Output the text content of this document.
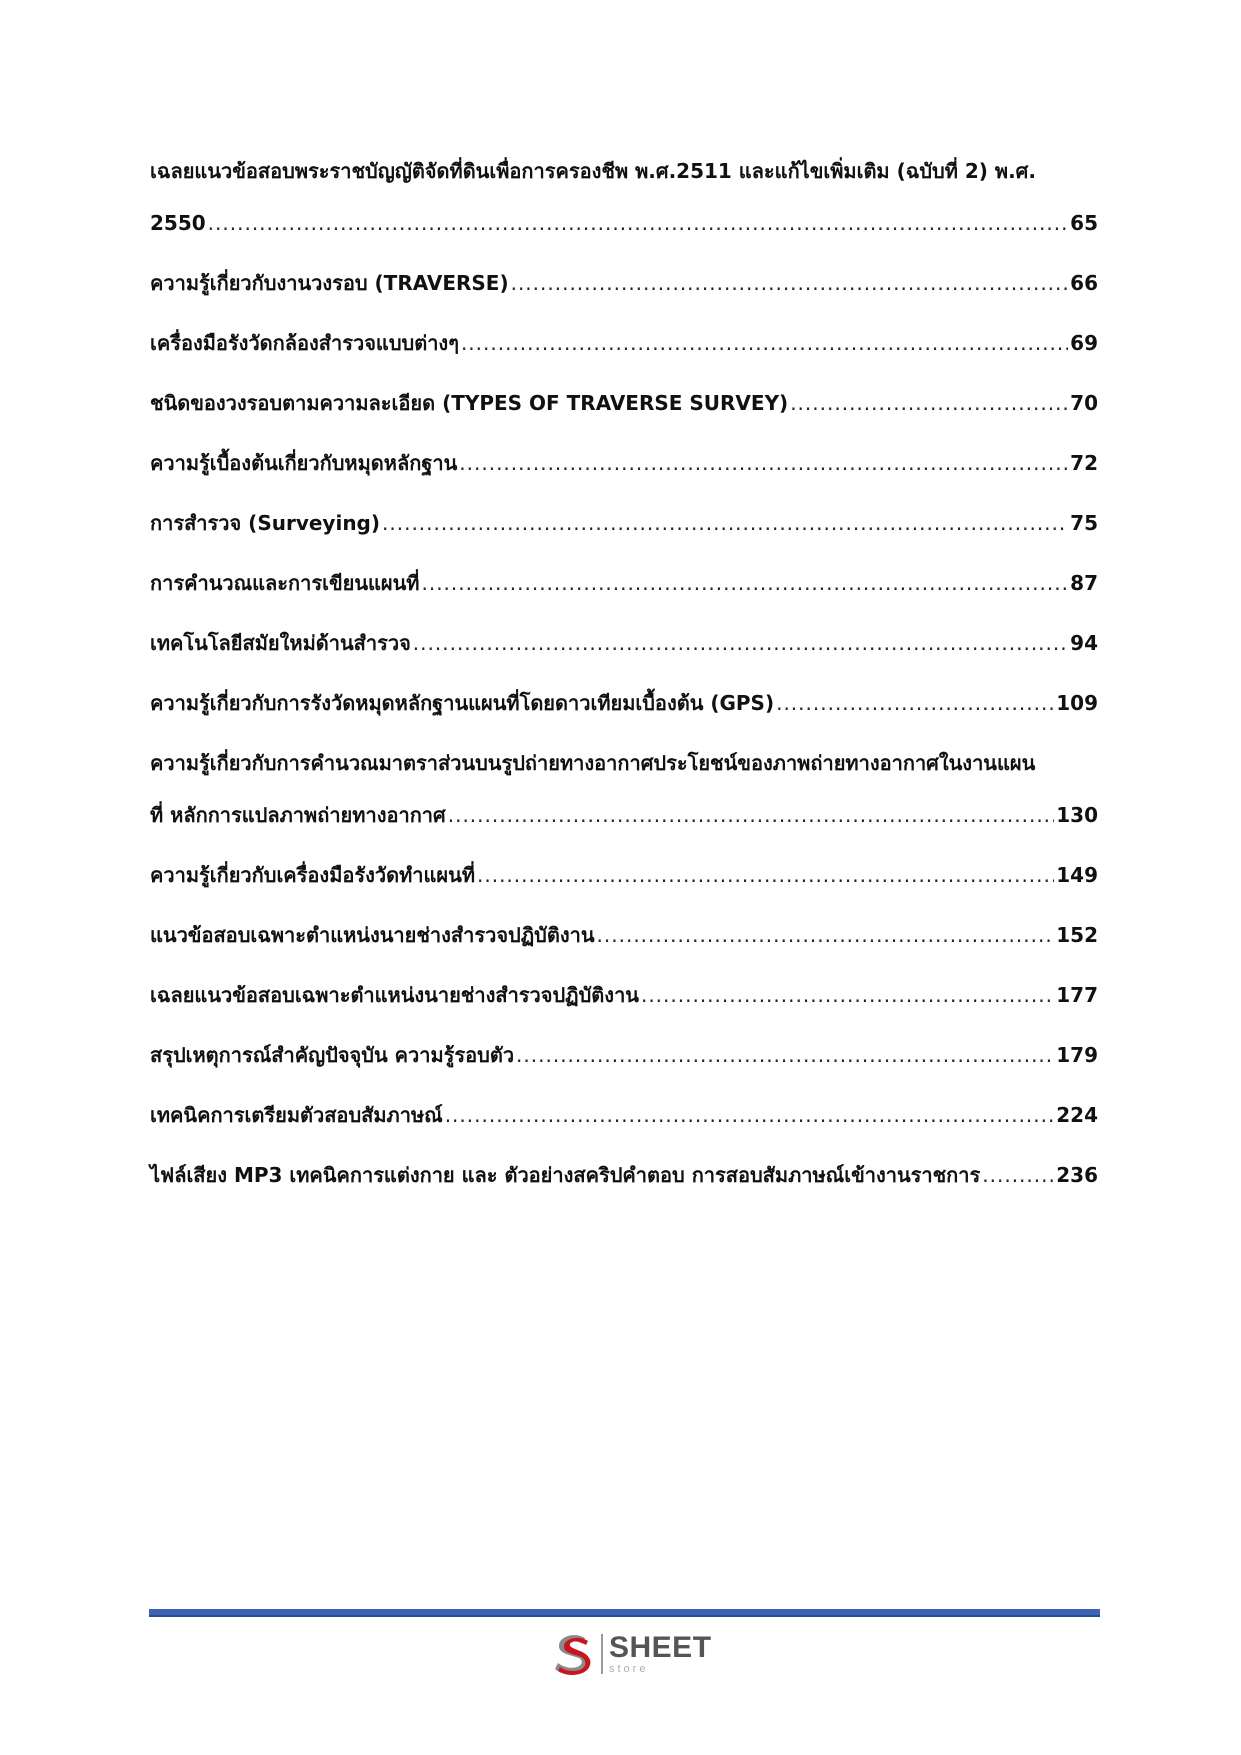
เฉลยแนวข้อสอบพระราชบัญญัติจัดที่ดินเพื่อการครองชีพ พ.ศ.2511 และแก้ไขเพิ่มเติม (ฉบับที่ 2) พ.ศ.
2550 .....	65
ความรู้เกี่ยวกับงานวงรอบ (TRAVERSE) .....	66
เครื่องมือรังวัดกล้องสำรวจแบบต่างๆ .....	69
ชนิดของวงรอบตามความละเอียด (TYPES OF TRAVERSE SURVEY) .....	70
ความรู้เบื้องต้นเกี่ยวกับหมุดหลักฐาน .....	72
การสำรวจ (Surveying) .....	75
การคำนวณและการเขียนแผนที่ .....	87
เทคโนโลยีสมัยใหม่ด้านสำรวจ .....	94
ความรู้เกี่ยวกับการรังวัดหมุดหลักฐานแผนที่โดยดาวเทียมเบื้องต้น (GPS) .....	109
ความรู้เกี่ยวกับการคำนวณมาตราส่วนบนรูปถ่ายทางอากาศประโยชน์ของภาพถ่ายทางอากาศในงานแผน
ที่ หลักการแปลภาพถ่ายทางอากาศ .....	130
ความรู้เกี่ยวกับเครื่องมือรังวัดทำแผนที่ .....	149
แนวข้อสอบเฉพาะตำแหน่งนายช่างสำรวจปฏิบัติงาน .....	152
เฉลยแนวข้อสอบเฉพาะตำแหน่งนายช่างสำรวจปฏิบัติงาน .....	177
สรุปเหตุการณ์สำคัญปัจจุบัน ความรู้รอบตัว .....	179
เทคนิคการเตรียมตัวสอบสัมภาษณ์ .....	224
ไฟล์เสียง MP3 เทคนิคการแต่งกาย และ ตัวอย่างสคริปคำตอบ การสอบสัมภาษณ์เข้างานราชการ .....	236
SHEET
store
